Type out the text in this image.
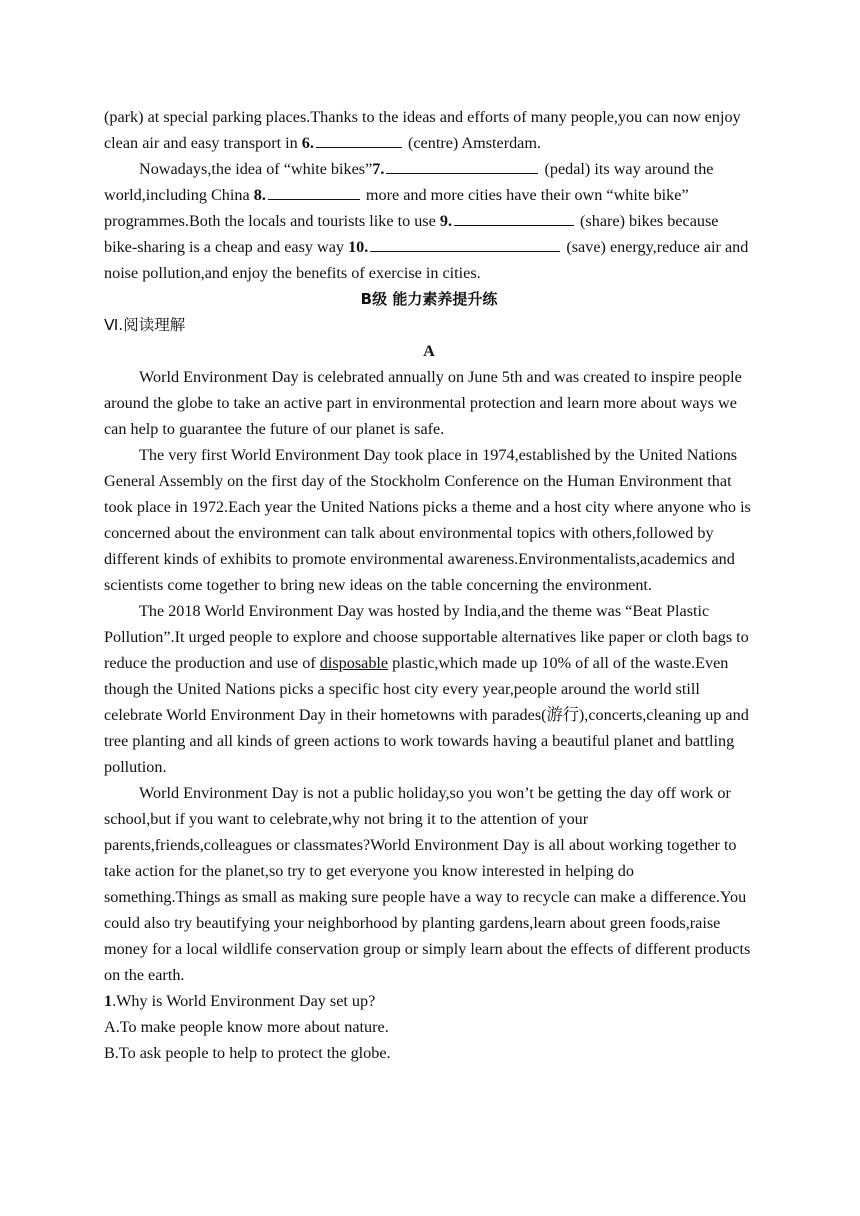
(park) at special parking places.Thanks to the ideas and efforts of many people,you can now enjoy clean air and easy transport in 6.	(centre) Amsterdam.

Nowadays,the idea of “white bikes”7.	(pedal) its way around the world,including China 8.	more and more cities have their own “white bike” programmes.Both the locals and tourists like to use 9.	(share) bikes because bike-sharing is a cheap and easy way 10.	(save) energy,reduce air and noise pollution,and enjoy the benefits of exercise in cities.

B级 能力素养提升练

Ⅵ.阅读理解

A

World Environment Day is celebrated annually on June 5th and was created to inspire people around the globe to take an active part in environmental protection and learn more about ways we can help to guarantee the future of our planet is safe.

The very first World Environment Day took place in 1974,established by the United Nations General Assembly on the first day of the Stockholm Conference on the Human Environment that took place in 1972.Each year the United Nations picks a theme and a host city where anyone who is concerned about the environment can talk about environmental topics with others,followed by different kinds of exhibits to promote environmental awareness.Environmentalists,academics and scientists come together to bring new ideas on the table concerning the environment.

The 2018 World Environment Day was hosted by India,and the theme was “Beat Plastic Pollution”.It urged people to explore and choose supportable alternatives like paper or cloth bags to reduce the production and use of disposable plastic,which made up 10% of all of the waste.Even though the United Nations picks a specific host city every year,people around the world still celebrate World Environment Day in their hometowns with parades(游行),concerts,cleaning up and tree planting and all kinds of green actions to work towards having a beautiful planet and battling pollution.

World Environment Day is not a public holiday,so you won’t be getting the day off work or school,but if you want to celebrate,why not bring it to the attention of your parents,friends,colleagues or classmates?World Environment Day is all about working together to take action for the planet,so try to get everyone you know interested in helping do something.Things as small as making sure people have a way to recycle can make a difference.You could also try beautifying your neighborhood by planting gardens,learn about green foods,raise money for a local wildlife conservation group or simply learn about the effects of different products on the earth.

1.Why is World Environment Day set up?

A.To make people know more about nature.

B.To ask people to help to protect the globe.
